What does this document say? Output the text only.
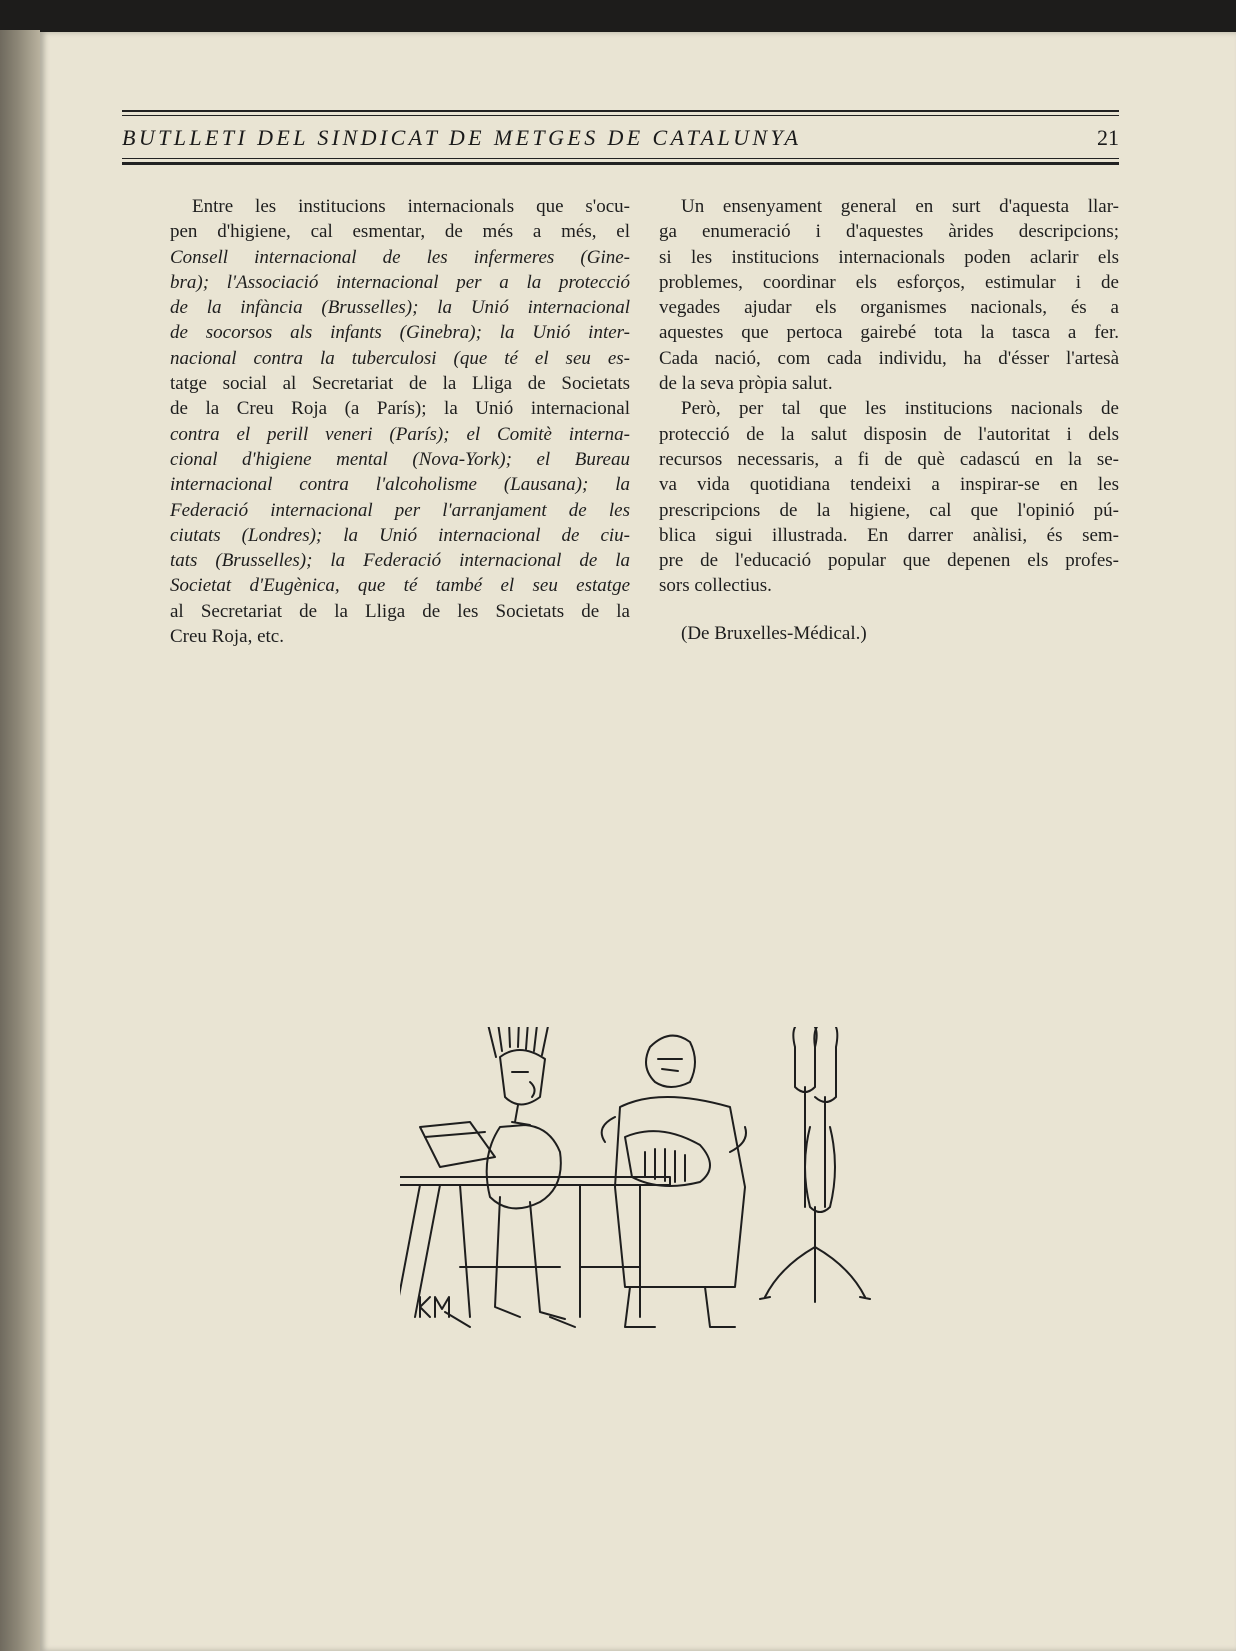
BUTLLETI DEL SINDICAT DE METGES DE CATALUNYA	21
Entre les institucions internacionals que s'ocu-
pen d'higiene, cal esmentar, de més a més, el
Consell internacional de les infermeres (Gine-
bra); l'Associació internacional per a la protecció
de la infància (Brusselles); la Unió internacional
de socorsos als infants (Ginebra); la Unió inter-
nacional contra la tuberculosi (que té el seu es-
tatge social al Secretariat de la Lliga de Societats
de la Creu Roja (a París); la Unió internacional
contra el perill veneri (París); el Comitè interna-
cional d'higiene mental (Nova-York); el Bureau
internacional contra l'alcoholisme (Lausana); la
Federació internacional per l'arranjament de les
ciutats (Londres); la Unió internacional de ciu-
tats (Brusselles); la Federació internacional de la
Societat d'Eugènica, que té també el seu estatge
al Secretariat de la Lliga de les Societats de la
Creu Roja, etc.
Un ensenyament general en surt d'aquesta llar-
ga enumeració i d'aquestes àrides descripcions;
si les institucions internacionals poden aclarir els
problemes, coordinar els esforços, estimular i de
vegades ajudar els organismes nacionals, és a
aquestes que pertoca gairebé tota la tasca a fer.
Cada nació, com cada individu, ha d'ésser l'artesà
de la seva pròpia salut.
Però, per tal que les institucions nacionals de
protecció de la salut disposin de l'autoritat i dels
recursos necessaris, a fi de què cadascú en la se-
va vida quotidiana tendeixi a inspirar-se en les
prescripcions de la higiene, cal que l'opinió pú-
blica sigui illustrada. En darrer anàlisi, és sem-
pre de l'educació popular que depenen els profes-
sors collectius.
(De Bruxelles-Médical.)
